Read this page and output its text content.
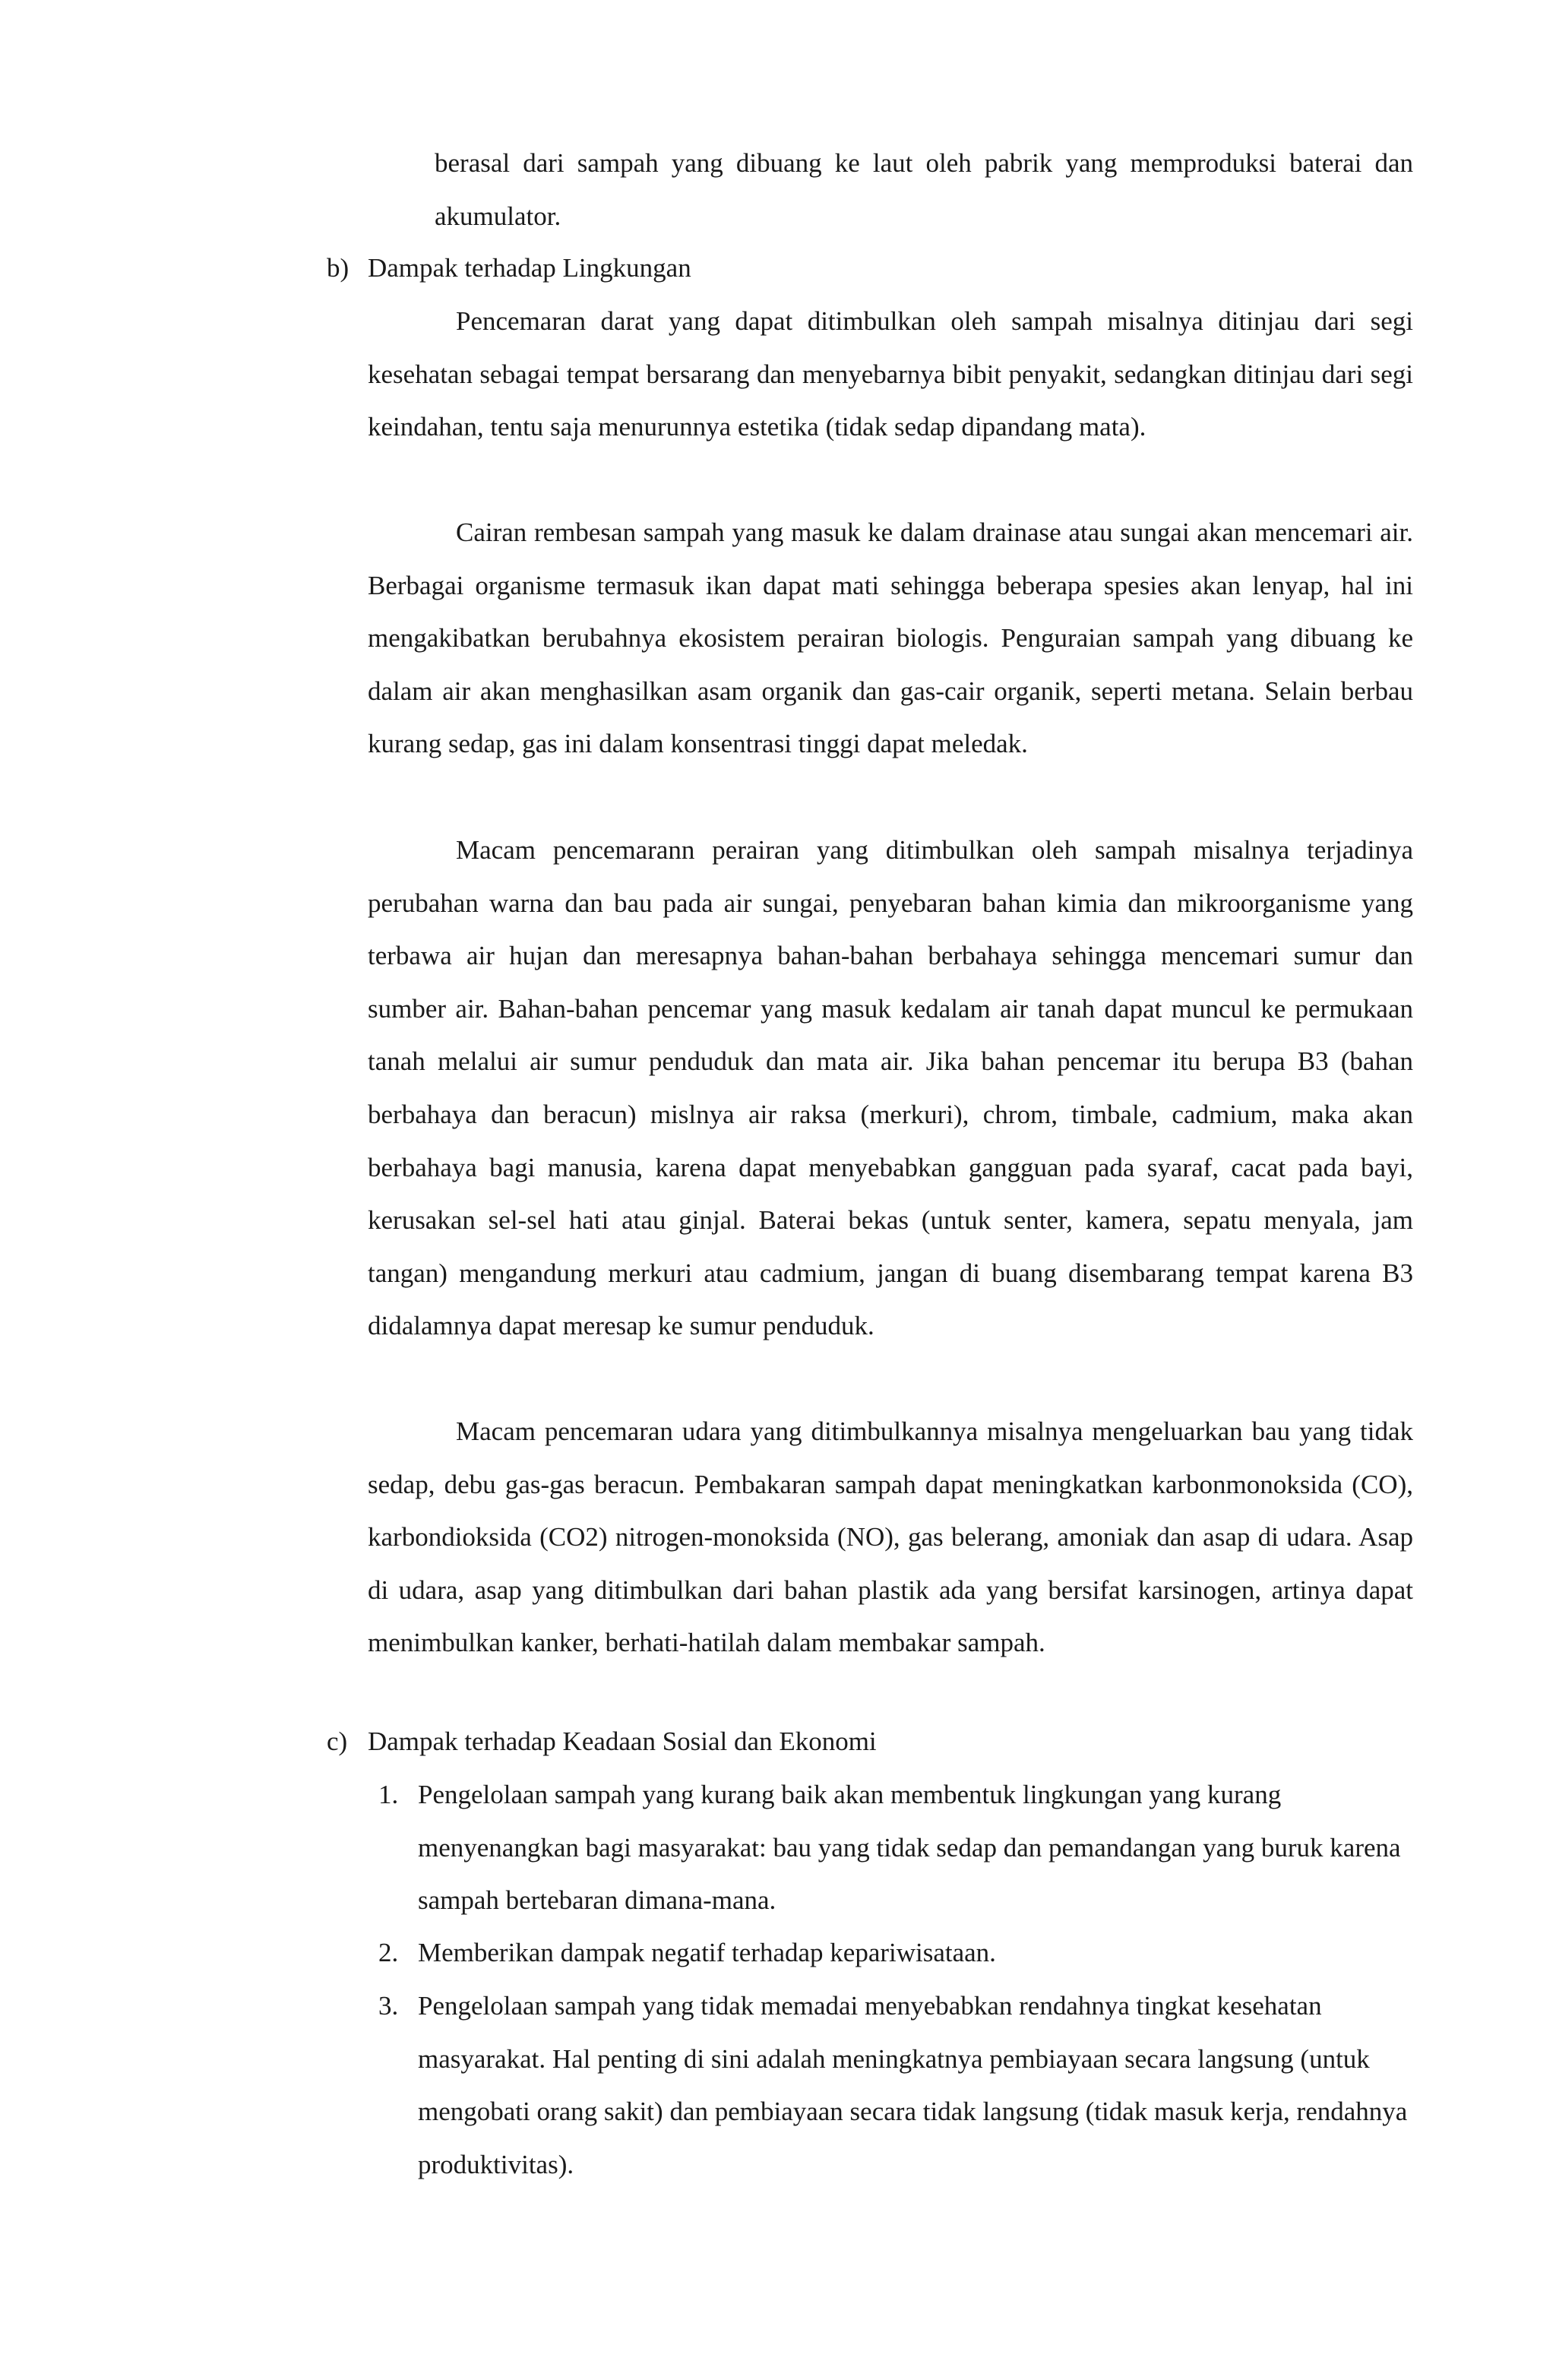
berasal dari sampah yang dibuang ke laut oleh pabrik yang memproduksi baterai dan akumulator.

b) Dampak terhadap Lingkungan

Pencemaran darat yang dapat ditimbulkan oleh sampah misalnya ditinjau dari segi kesehatan sebagai tempat bersarang dan menyebarnya bibit penyakit, sedangkan ditinjau dari segi keindahan, tentu saja menurunnya estetika (tidak sedap dipandang mata).

Cairan rembesan sampah yang masuk ke dalam drainase atau sungai akan mencemari air. Berbagai organisme termasuk ikan dapat mati sehingga beberapa spesies akan lenyap, hal ini mengakibatkan berubahnya ekosistem perairan biologis. Penguraian sampah yang dibuang ke dalam air akan menghasilkan asam organik dan gas-cair organik, seperti metana. Selain berbau kurang sedap, gas ini dalam konsentrasi tinggi dapat meledak.

Macam pencemarann perairan yang ditimbulkan oleh sampah misalnya terjadinya perubahan warna dan bau pada air sungai, penyebaran bahan kimia dan mikroorganisme yang terbawa air hujan dan meresapnya bahan-bahan berbahaya sehingga mencemari sumur dan sumber air. Bahan-bahan pencemar yang masuk kedalam air tanah dapat muncul ke permukaan tanah melalui air sumur penduduk dan mata air. Jika bahan pencemar itu berupa B3 (bahan berbahaya dan beracun) mislnya air raksa (merkuri), chrom, timbale, cadmium, maka akan berbahaya bagi manusia, karena dapat menyebabkan gangguan pada syaraf, cacat pada bayi, kerusakan sel-sel hati atau ginjal. Baterai bekas (untuk senter, kamera, sepatu menyala, jam tangan) mengandung merkuri atau cadmium, jangan di buang disembarang tempat karena B3 didalamnya dapat meresap ke sumur penduduk.

Macam pencemaran udara yang ditimbulkannya misalnya mengeluarkan bau yang tidak sedap, debu gas-gas beracun. Pembakaran sampah dapat meningkatkan karbonmonoksida (CO), karbondioksida (CO2) nitrogen-monoksida (NO), gas belerang, amoniak dan asap di udara. Asap di udara, asap yang ditimbulkan dari bahan plastik ada yang bersifat karsinogen, artinya dapat menimbulkan kanker, berhati-hatilah dalam membakar sampah.

c) Dampak terhadap Keadaan Sosial dan Ekonomi
1. Pengelolaan sampah yang kurang baik akan membentuk lingkungan yang kurang menyenangkan bagi masyarakat: bau yang tidak sedap dan pemandangan yang buruk karena sampah bertebaran dimana-mana.
2. Memberikan dampak negatif terhadap kepariwisataan.
3. Pengelolaan sampah yang tidak memadai menyebabkan rendahnya tingkat kesehatan masyarakat. Hal penting di sini adalah meningkatnya pembiayaan secara langsung (untuk mengobati orang sakit) dan pembiayaan secara tidak langsung (tidak masuk kerja, rendahnya produktivitas).
